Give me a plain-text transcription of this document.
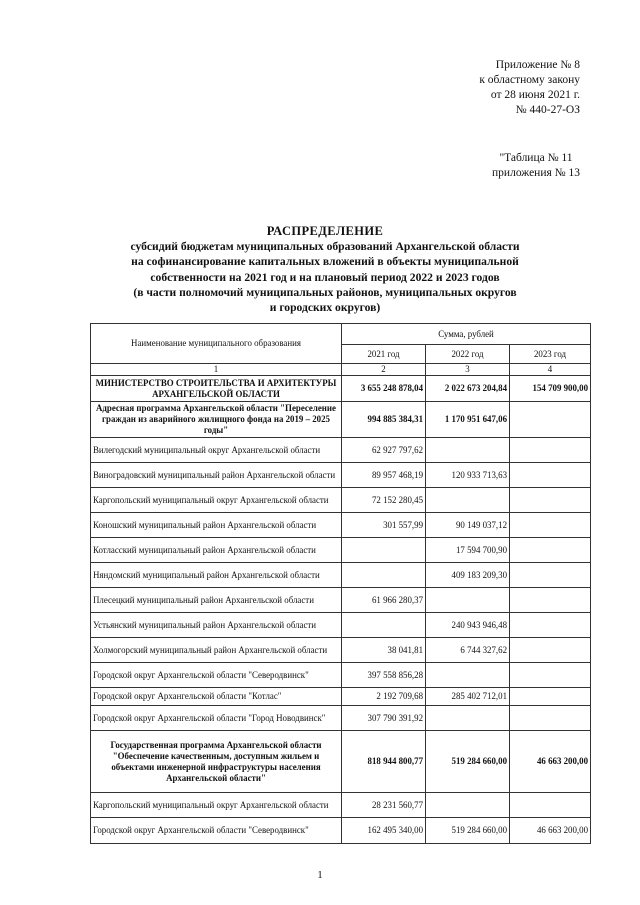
Приложение № 8
к областному закону
от 28 июня 2021 г.
№ 440-27-ОЗ
"Таблица № 11
приложения № 13
РАСПРЕДЕЛЕНИЕ
субсидий бюджетам муниципальных образований Архангельской области
на софинансирование капитальных вложений в объекты муниципальной
собственности на 2021 год и на плановый период 2022 и 2023 годов
(в части полномочий муниципальных районов, муниципальных округов
и городских округов)
Наименование муниципального образования	Сумма, рублей		
	2021 год	2022 год	2023 год
1	2	3	4
МИНИСТЕРСТВО СТРОИТЕЛЬСТВА И АРХИТЕКТУРЫ АРХАНГЕЛЬСКОЙ ОБЛАСТИ	3 655 248 878,04	2 022 673 204,84	154 709 900,00
Адресная программа Архангельской области "Переселение граждан из аварийного жилищного фонда на 2019 – 2025 годы"	994 885 384,31	1 170 951 647,06	
Вилегодский муниципальный округ Архангельской области	62 927 797,62		
Виноградовский муниципальный район Архангельской области	89 957 468,19	120 933 713,63	
Каргопольский муниципальный округ Архангельской области	72 152 280,45		
Коношский муниципальный район Архангельской области	301 557,99	90 149 037,12	
Котласский муниципальный район Архангельской области		17 594 700,90	
Няндомский муниципальный район Архангельской области		409 183 209,30	
Плесецкий муниципальный район Архангельской области	61 966 280,37		
Устьянский муниципальный район Архангельской области		240 943 946,48	
Холмогорский муниципальный район Архангельской области	38 041,81	6 744 327,62	
Городской округ Архангельской области "Северодвинск"	397 558 856,28		
Городской округ Архангельской области "Котлас"	2 192 709,68	285 402 712,01	
Городской округ Архангельской области "Город Новодвинск"	307 790 391,92		
Государственная программа Архангельской области "Обеспечение качественным, доступным жильем и объектами инженерной инфраструктуры населения Архангельской области"	818 944 800,77	519 284 660,00	46 663 200,00
Каргопольский муниципальный округ Архангельской области	28 231 560,77		
Городской округ Архангельской области "Северодвинск"	162 495 340,00	519 284 660,00	46 663 200,00
1
